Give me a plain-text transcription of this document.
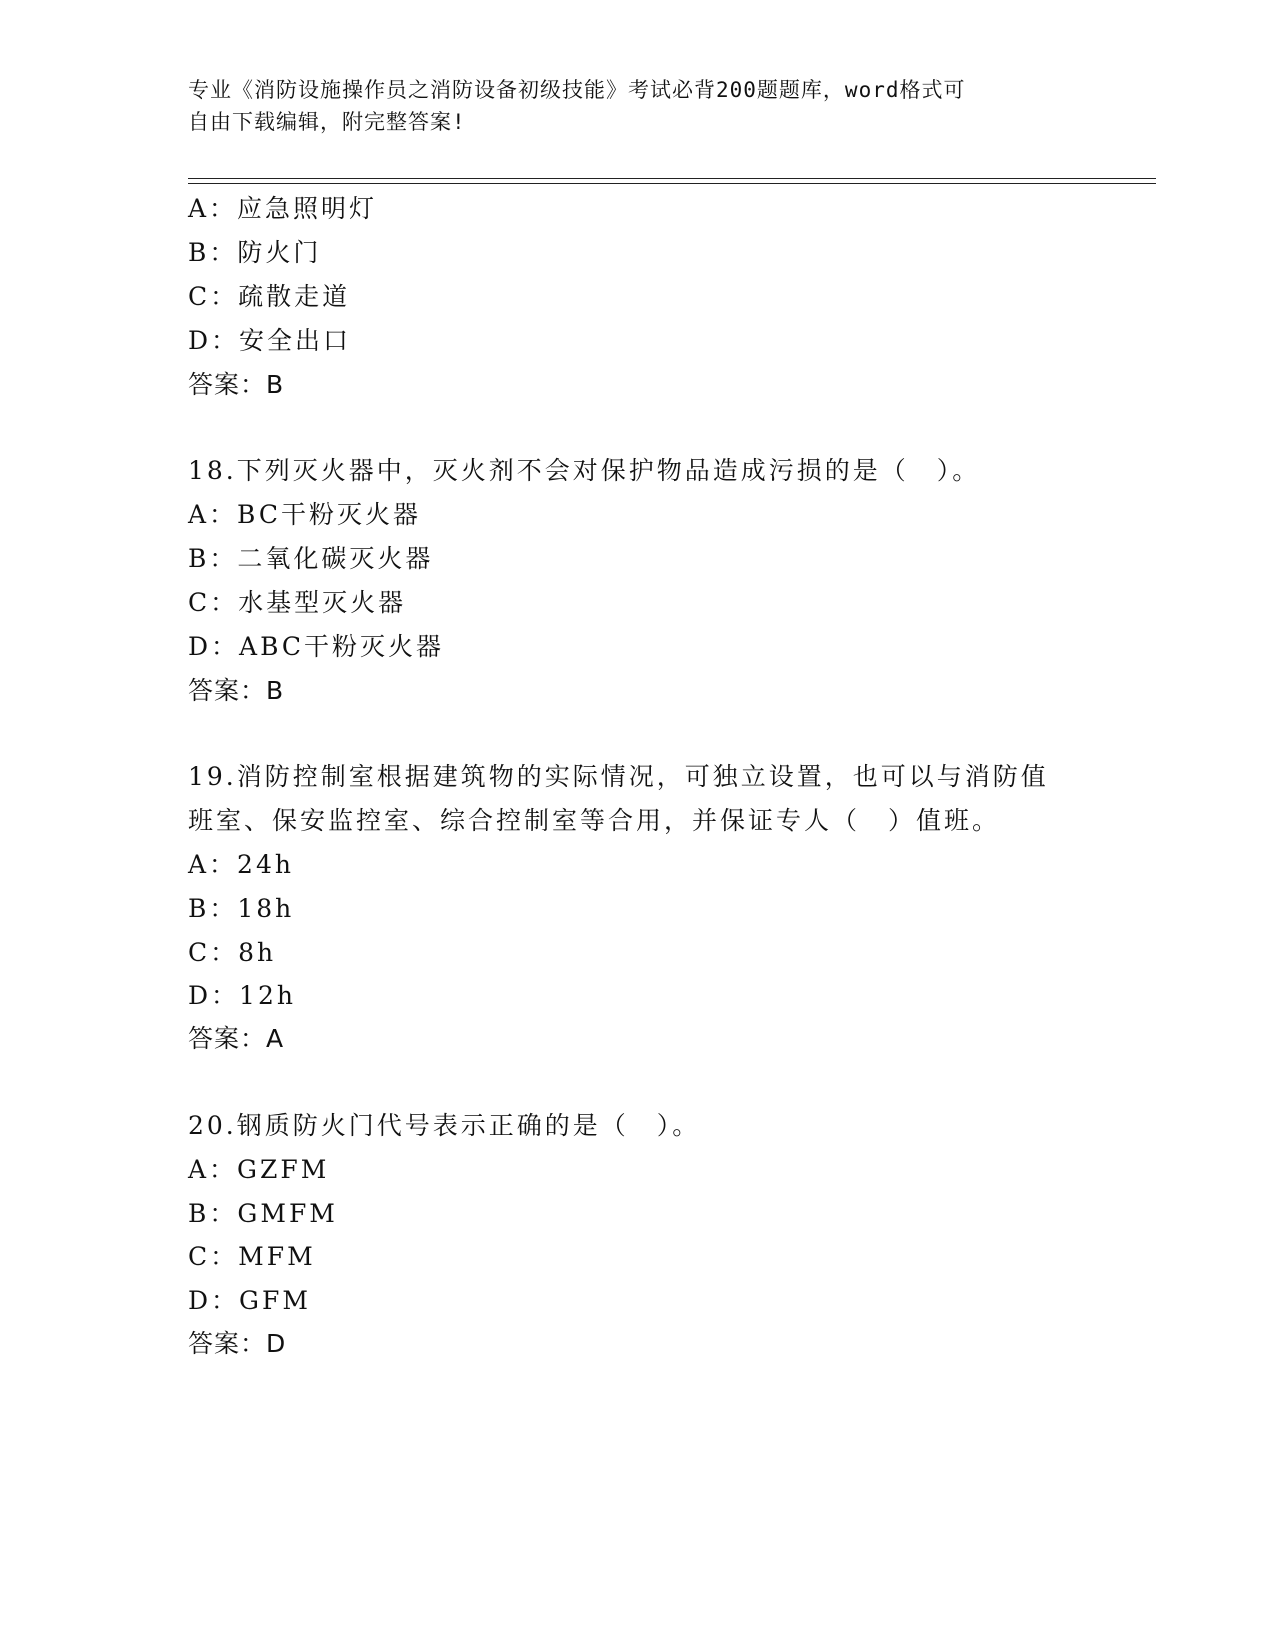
专业《消防设施操作员之消防设备初级技能》考试必背200题题库，word格式可
自由下载编辑，附完整答案!
A：应急照明灯
B：防火门
C：疏散走道
D：安全出口
答案：B
18.下列灭火器中，灭火剂不会对保护物品造成污损的是（　）。
A：BC干粉灭火器
B：二氧化碳灭火器
C：水基型灭火器
D：ABC干粉灭火器
答案：B
19.消防控制室根据建筑物的实际情况，可独立设置，也可以与消防值
班室、保安监控室、综合控制室等合用，并保证专人（　）值班。
A：24h
B：18h
C：8h
D：12h
答案：A
20.钢质防火门代号表示正确的是（　）。
A：GZFM
B：GMFM
C：MFM
D：GFM
答案：D
